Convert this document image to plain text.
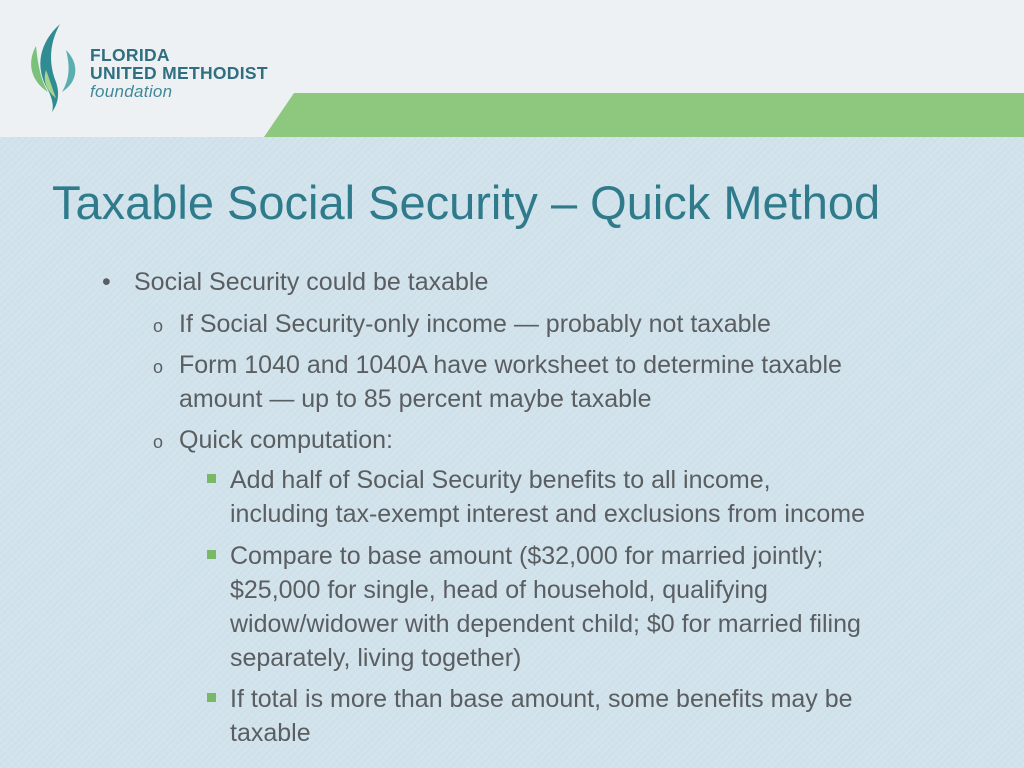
FLORIDA
UNITED METHODIST
foundation
Taxable Social Security – Quick Method
• Social Security could be taxable
o If Social Security-only income — probably not taxable
o Form 1040 and 1040A have worksheet to determine taxable
amount — up to 85 percent maybe taxable
o Quick computation:
Add half of Social Security benefits to all income,
including tax-exempt interest and exclusions from income
Compare to base amount ($32,000 for married jointly;
$25,000 for single, head of household, qualifying
widow/widower with dependent child; $0 for married filing
separately, living together)
If total is more than base amount, some benefits may be
taxable
